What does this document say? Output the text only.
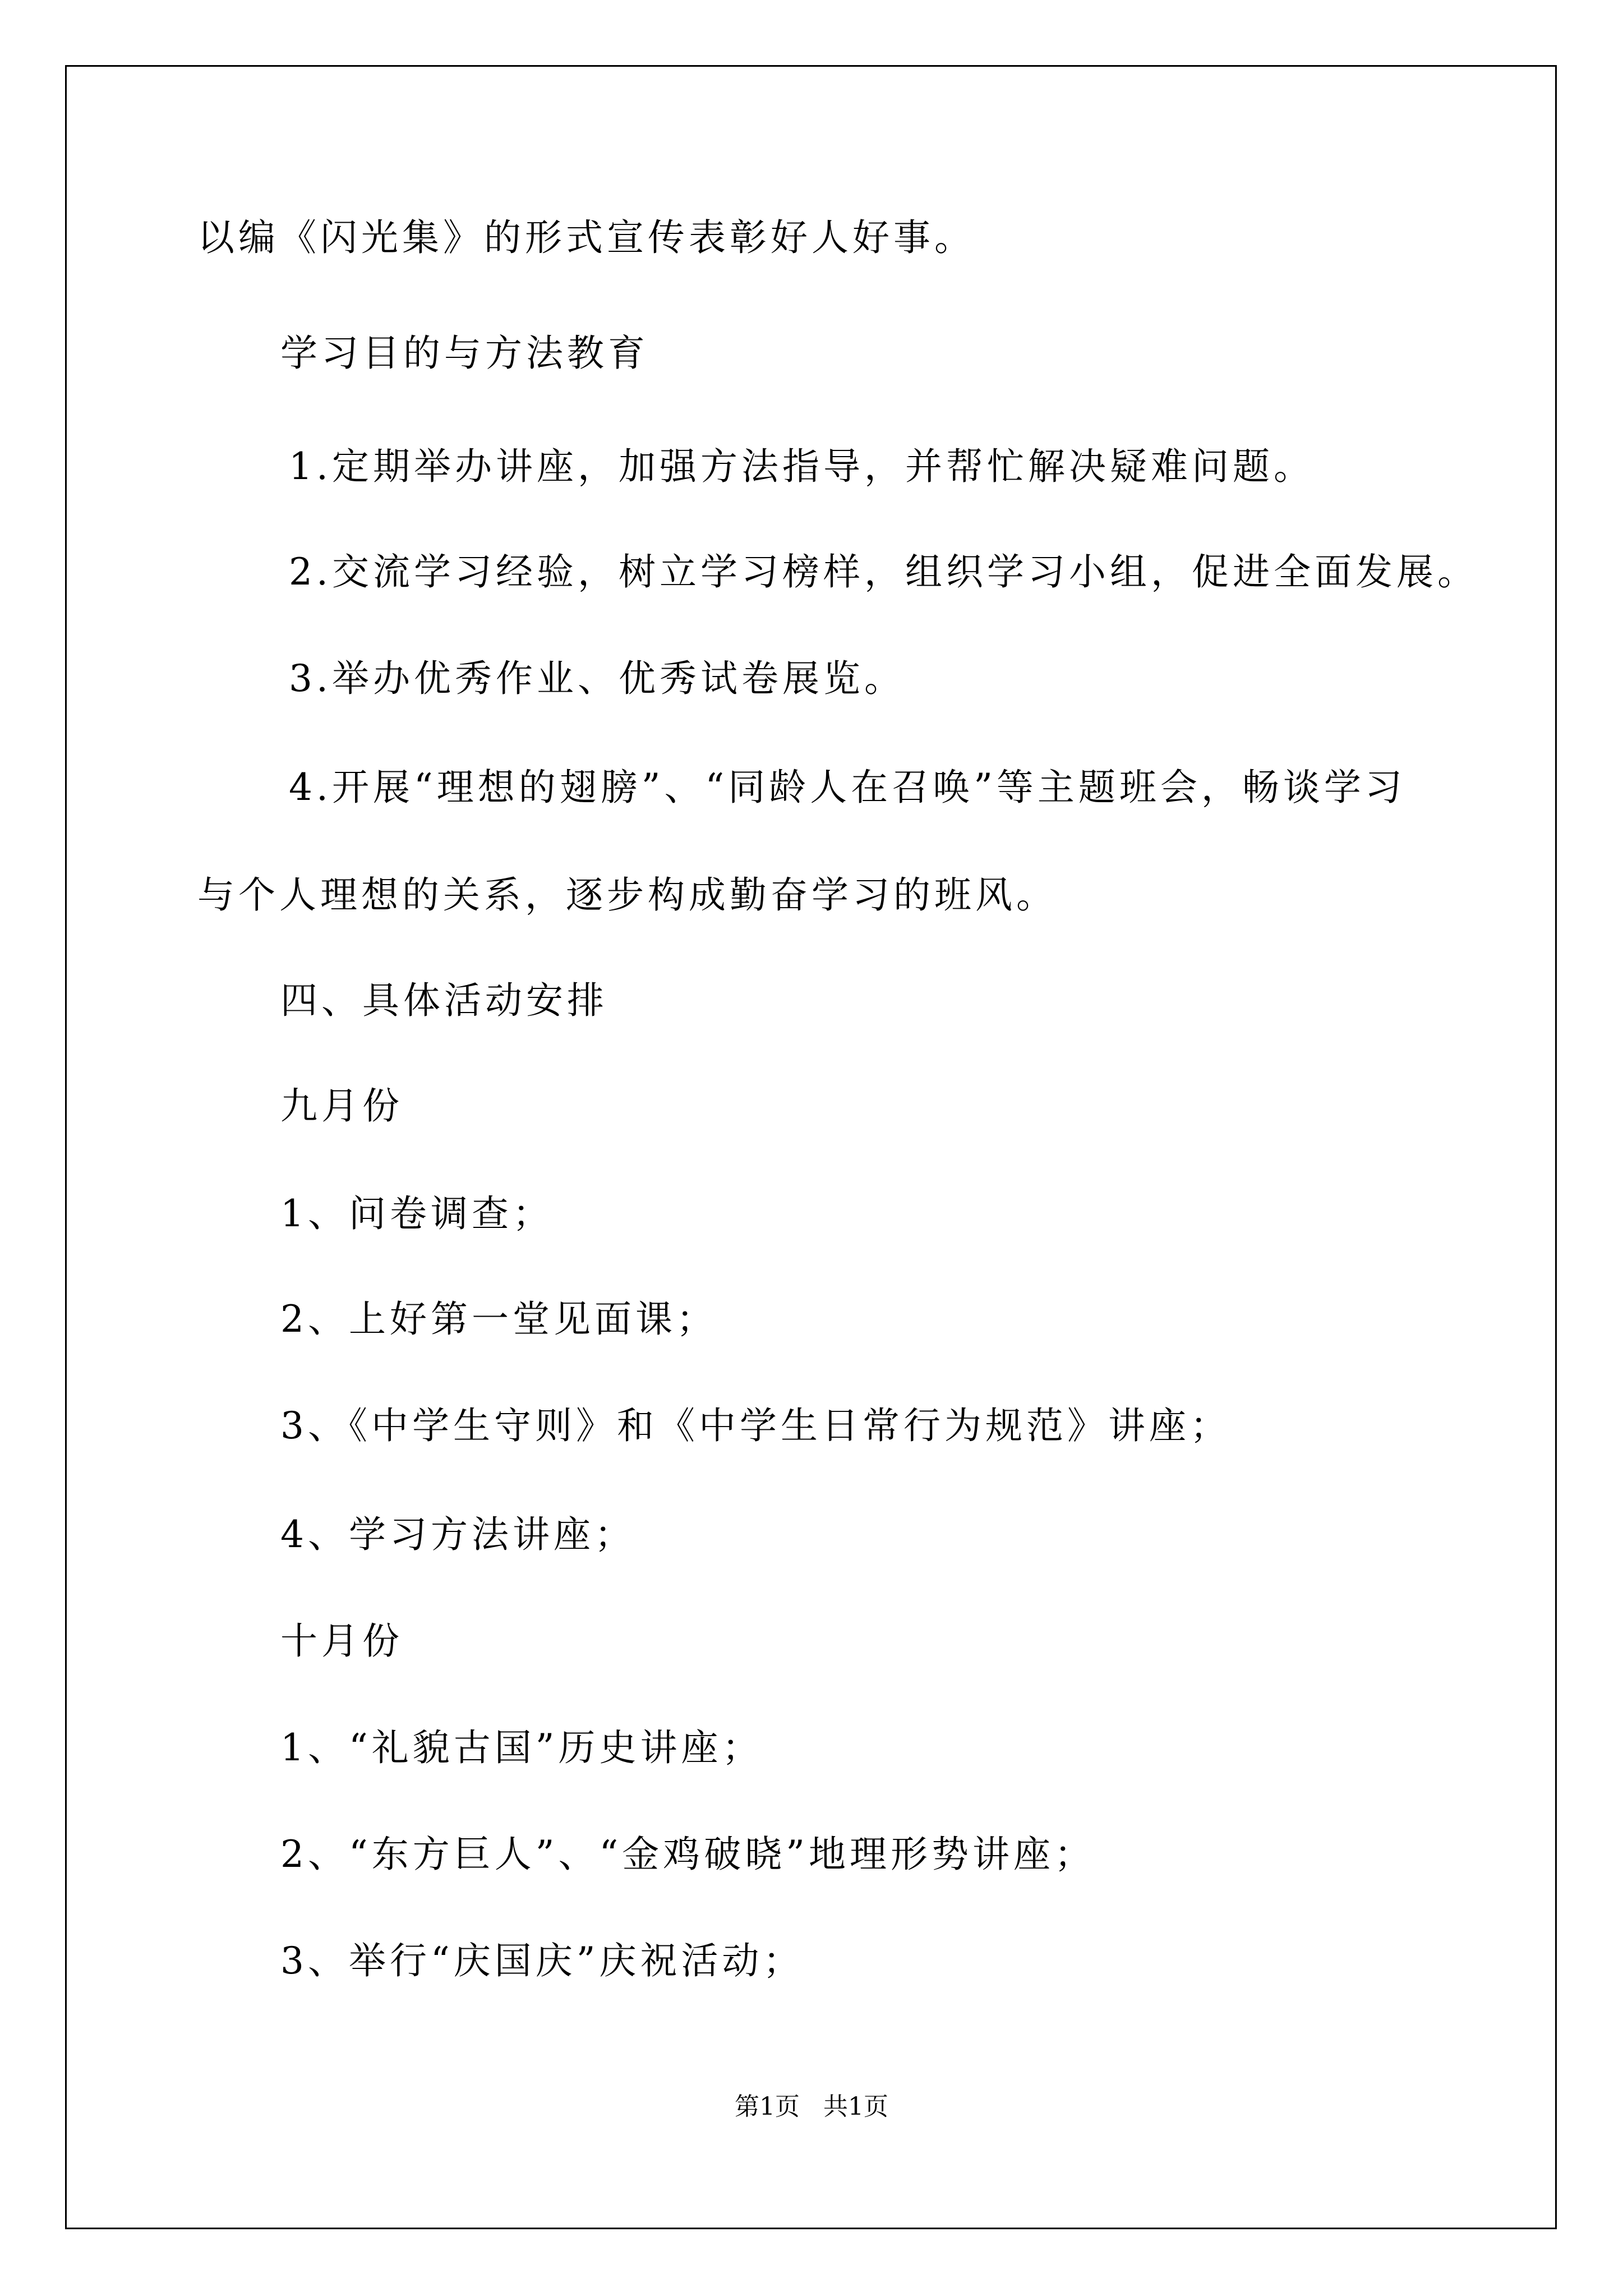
以编《闪光集》的形式宣传表彰好人好事。
学习目的与方法教育
1.定期举办讲座，加强方法指导，并帮忙解决疑难问题。
2.交流学习经验，树立学习榜样，组织学习小组，促进全面发展。
3.举办优秀作业、优秀试卷展览。
4.开展“理想的翅膀”、“同龄人在召唤”等主题班会，畅谈学习
与个人理想的关系，逐步构成勤奋学习的班风。
四、具体活动安排
九月份
1、问卷调查；
2、上好第一堂见面课；
3、《中学生守则》和《中学生日常行为规范》讲座；
4、学习方法讲座；
十月份
1、“礼貌古国”历史讲座；
2、“东方巨人”、“金鸡破晓”地理形势讲座；
3、举行“庆国庆”庆祝活动；
第1页   共1页
